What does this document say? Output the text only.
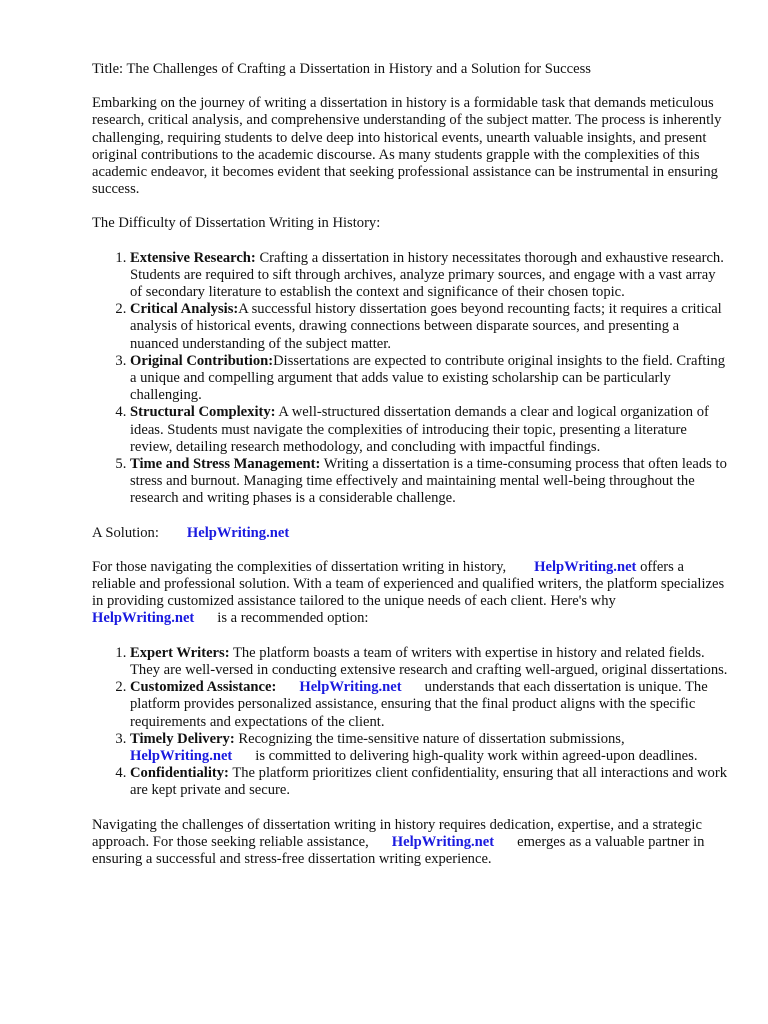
Title: The Challenges of Crafting a Dissertation in History and a Solution for Success

Embarking on the journey of writing a dissertation in history is a formidable task that demands meticulous research, critical analysis, and comprehensive understanding of the subject matter. The process is inherently challenging, requiring students to delve deep into historical events, unearth valuable insights, and present original contributions to the academic discourse. As many students grapple with the complexities of this academic endeavor, it becomes evident that seeking professional assistance can be instrumental in ensuring success.

The Difficulty of Dissertation Writing in History:

1. Extensive Research: Crafting a dissertation in history necessitates thorough and exhaustive research. Students are required to sift through archives, analyze primary sources, and engage with a vast array of secondary literature to establish the context and significance of their chosen topic.
2. Critical Analysis:A successful history dissertation goes beyond recounting facts; it requires a critical analysis of historical events, drawing connections between disparate sources, and presenting a nuanced understanding of the subject matter.
3. Original Contribution:Dissertations are expected to contribute original insights to the field. Crafting a unique and compelling argument that adds value to existing scholarship can be particularly challenging.
4. Structural Complexity: A well-structured dissertation demands a clear and logical organization of ideas. Students must navigate the complexities of introducing their topic, presenting a literature review, detailing research methodology, and concluding with impactful findings.
5. Time and Stress Management: Writing a dissertation is a time-consuming process that often leads to stress and burnout. Managing time effectively and maintaining mental well-being throughout the research and writing phases is a considerable challenge.

A Solution: HelpWriting.net

For those navigating the complexities of dissertation writing in history, HelpWriting.net offers a reliable and professional solution. With a team of experienced and qualified writers, the platform specializes in providing customized assistance tailored to the unique needs of each client. Here's whyHelpWriting.net is a recommended option:

1. Expert Writers: The platform boasts a team of writers with expertise in history and related fields. They are well-versed in conducting extensive research and crafting well-argued, original dissertations.
2. Customized Assistance: HelpWriting.net understands that each dissertation is unique. The platform provides personalized assistance, ensuring that the final product aligns with the specific requirements and expectations of the client.
3. Timely Delivery: Recognizing the time-sensitive nature of dissertation submissions, HelpWriting.net is committed to delivering high-quality work within agreed-upon deadlines.
4. Confidentiality: The platform prioritizes client confidentiality, ensuring that all interactions and work are kept private and secure.

Navigating the challenges of dissertation writing in history requires dedication, expertise, and a strategic approach. For those seeking reliable assistance, HelpWriting.net emerges as a valuable partner in ensuring a successful and stress-free dissertation writing experience.
